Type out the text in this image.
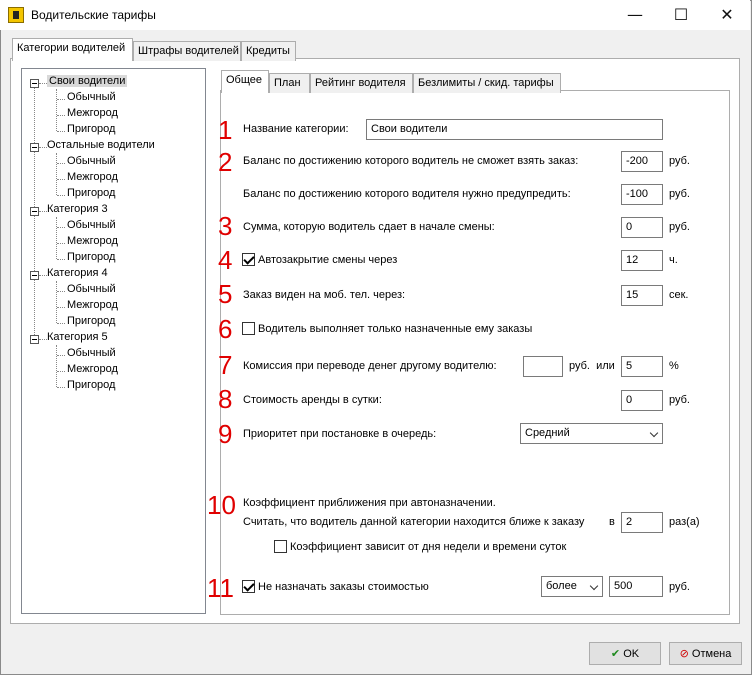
Водительские тарифы	—	☐	✕
Категории водителей	Штрафы водителей Кредиты
Свои водители
Обычный
Межгород
Пригород
Остальные водители
Обычный
Межгород
Пригород
Категория 3
Обычный
Межгород
Пригород
Категория 4
Обычный
Межгород
Пригород
Категория 5
Обычный
Межгород
Пригород
Общее	План	Рейтинг водителя	Безлимиты / скид. тарифы
1
2
3
4
5
6
7
8
9
10
11
Название категории:	Свои водители
Баланс по достижению которого водитель не сможет взять заказ:	-200	руб.
Баланс по достижению которого водителя нужно предупредить:	-100	руб.
Сумма, которую водитель сдает в начале смены:	0	руб.
Автозакрытие смены через	12	ч.
Заказ виден на моб. тел. через:	15	сек.
Водитель выполняет только назначенные ему заказы
Комиссия при переводе денег другому водителю:	руб.  или	5	%
Стоимость аренды в сутки:	0	руб.
Приоритет при постановке в очередь:	Средний
Коэффициент приближения при автоназначении.
Считать, что водитель данной категории находится ближе к заказу в	2	раз(а)
Коэффициент зависит от дня недели и времени суток
Не назначать заказы стоимостью	более	500	руб.
✔ OK	⊘ Отмена
